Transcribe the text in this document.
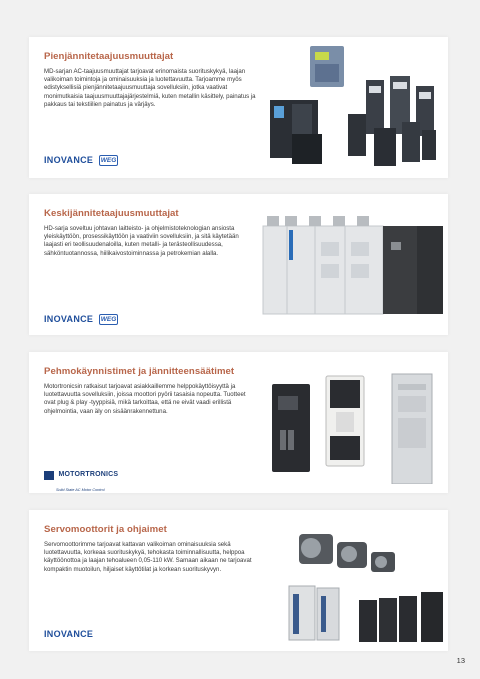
Pienjännitetaajuusmuuttajat

MD-sarjan AC-taajuusmuuttajat tarjoavat erinomaista suorituskykyä, laajan valikoiman toimintoja ja ominaisuuksia ja luotettavuutta. Tarjoamme myös edistyksellisiä pienjännitetaajuusmuuttaja sovelluksiin, jotka vaativat monimutkaisia taajuusmuuttajajärjestelmiä, kuten metallin käsittely, painatus ja pakkaus tai tekstiilien painatus ja värjäys.

INOVANCE WEG
Keskijännitetaajuusmuuttajat

HD-sarja soveltuu johtavan laitteisto- ja ohjelmistoteknologian ansiosta yleiskäyttöön, prosessikäyttöön ja vaativiin sovelluksiin, ja sitä käytetään laajasti eri teollisuudenaloilla, kuten metalli- ja terästeollisuudessa, sähköntuotannossa, hiilikaivostoiminnassa ja petrokemian alalla.

INOVANCE WEG
Pehmokäynnistimet ja jännitteensäätimet

Motortronicsin ratkaisut tarjoavat asiakkaillemme helppokäyttöisyyttä ja luotettavuutta sovelluksiin, joissa moottori pyörii tasaisia nopeutta. Tuotteet ovat plug & play -tyyppisiä, mikä tarkoittaa, että ne eivät vaadi erillistä ohjelmointia, vaan äly on sisäänrakennettuna.

$^{MOTORTRONICS}$
Solid State AC Motor Control
Servomoottorit ja ohjaimet

Servomoottorimme tarjoavat kattavan valikoiman ominaisuuksia sekä luotettavuutta, korkeaa suorituskykyä, tehokasta toiminnallisuutta, helppoa käyttöönottoa ja laajan tehoalueen 0,05-110 kW. Samaan aikaan ne tarjoavat kompaktin muotoilun, hiljaiset käyttötilat ja korkean suorituskyvyn.

INOVANCE
13
